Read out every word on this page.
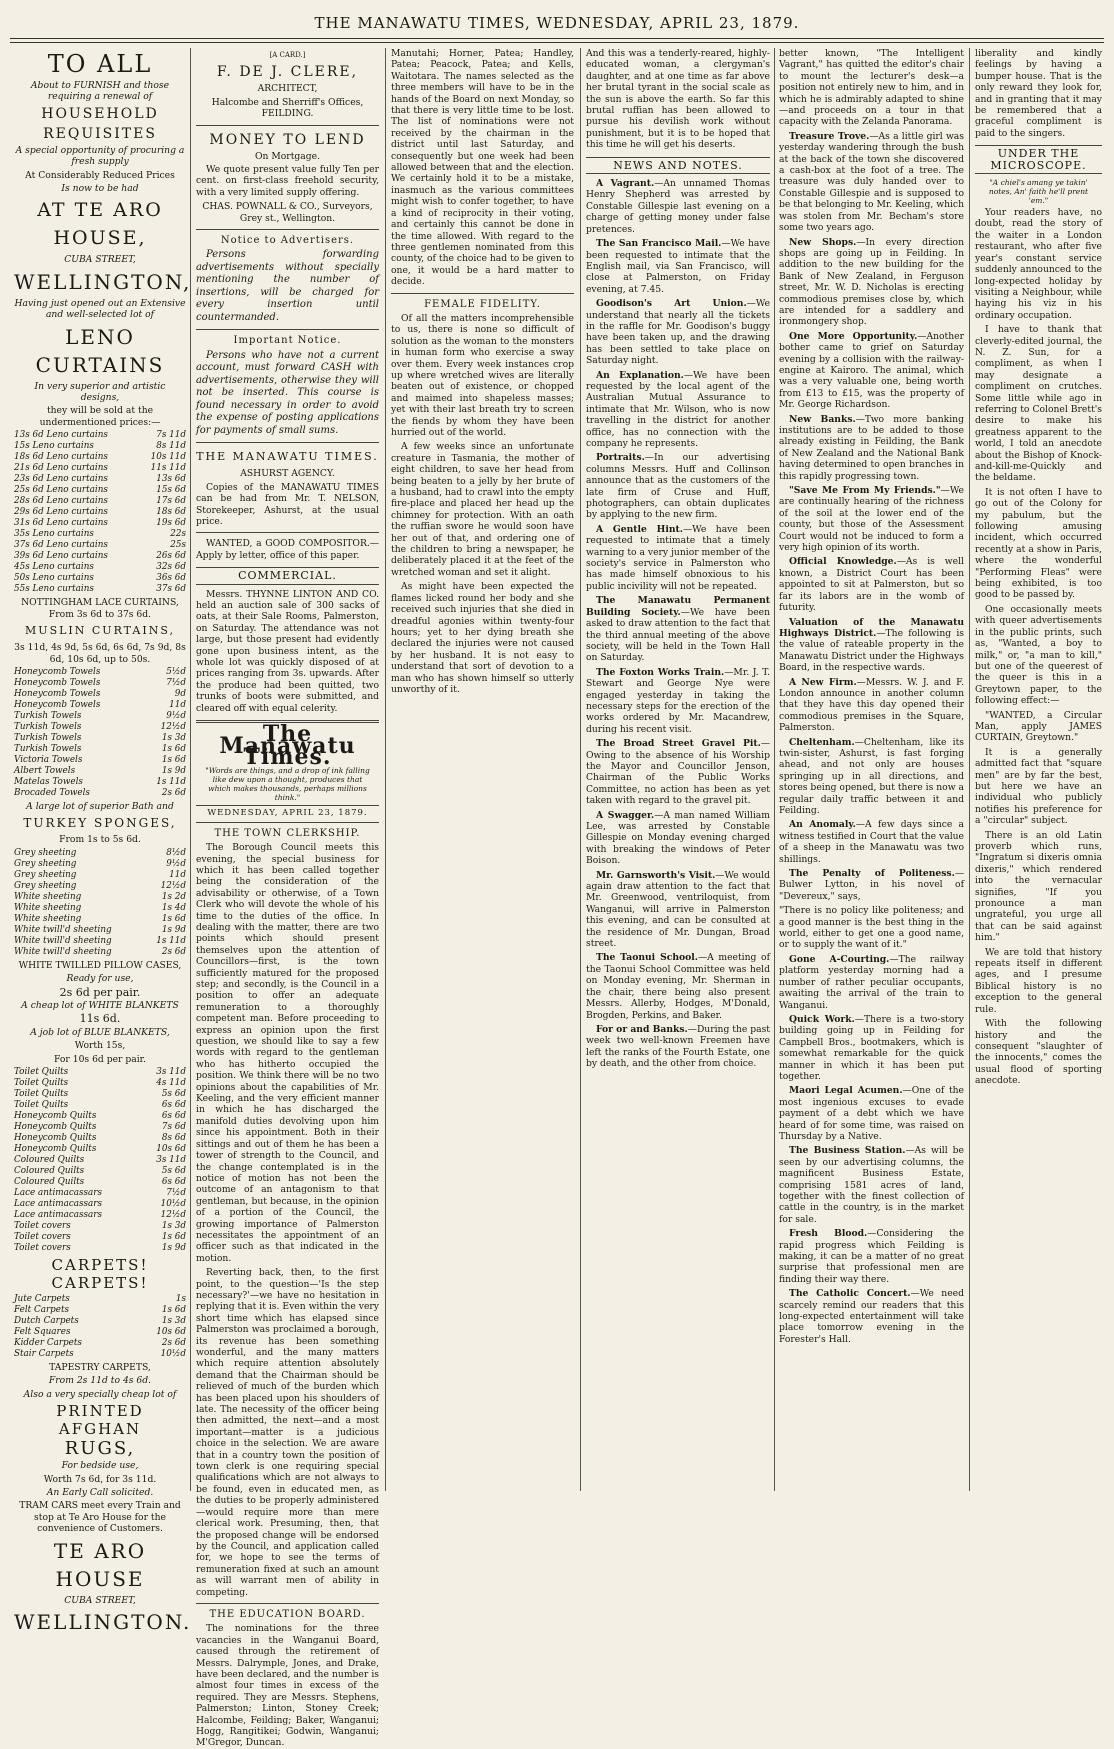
THE MANAWATU TIMES, WEDNESDAY, APRIL 23, 1879.
TO ALL
About to FURNISH and those requiring a renewal of
HOUSEHOLD
REQUISITES
A special opportunity of procuring a fresh supply
At Considerably Reduced Prices
Is now to be had
AT TE ARO HOUSE,
CUBA STREET,
WELLINGTON,
Having just opened out an Extensive and well-selected lot of
LENO CURTAINS
In very superior and artistic designs,
they will be sold at the undermentioned prices:—
13s 6d Leno curtains	7s 11d
15s Leno curtains	8s 11d
18s 6d Leno curtains	10s 11d
21s 6d Leno curtains	11s 11d
23s 6d Leno curtains	13s 6d
25s 6d Leno curtains	15s 6d
28s 6d Leno curtains	17s 6d
29s 6d Leno curtains	18s 6d
31s 6d Leno curtains	19s 6d
35s Leno curtains	22s
37s 6d Leno curtains	25s
39s 6d Leno curtains	26s 6d
45s Leno curtains	32s 6d
50s Leno curtains	36s 6d
55s Leno curtains	37s 6d
NOTTINGHAM LACE CURTAINS, From 3s 6d to 37s 6d.
MUSLIN CURTAINS,
3s 11d, 4s 9d, 5s 6d, 6s 6d, 7s 9d, 8s 6d, 10s 6d, up to 50s.
Honeycomb Towels	5½d
Honeycomb Towels	7½d
Honeycomb Towels	9d
Honeycomb Towels	11d
Turkish Towels	9½d
Turkish Towels	12½d
Turkish Towels	1s 3d
Turkish Towels	1s 6d
Victoria Towels	1s 6d
Albert Towels	1s 9d
Matelas Towels	1s 11d
Brocaded Towels	2s 6d
A large lot of superior Bath and
TURKEY SPONGES,
From 1s to 5s 6d.
Grey sheeting	8½d
Grey sheeting	9½d
Grey sheeting	11d
Grey sheeting	12½d
White sheeting	1s 2d
White sheeting	1s 4d
White sheeting	1s 6d
White twill'd sheeting	1s 9d
White twill'd sheeting	1s 11d
White twill'd sheeting	2s 6d
WHITE TWILLED PILLOW CASES,
Ready for use,
2s 6d per pair.
A cheap lot of WHITE BLANKETS
11s 6d.
A job lot of BLUE BLANKETS,
Worth 15s,
For 10s 6d per pair.
Toilet Quilts	3s 11d
Toilet Quilts	4s 11d
Toilet Quilts	5s 6d
Toilet Quilts	6s 6d
Honeycomb Quilts	6s 6d
Honeycomb Quilts	7s 6d
Honeycomb Quilts	8s 6d
Honeycomb Quilts	10s 6d
Coloured Quilts	3s 11d
Coloured Quilts	5s 6d
Coloured Quilts	6s 6d
Lace antimacassars	7½d
Lace antimacassars	10½d
Lace antimacassars	12½d
Toilet covers	1s 3d
Toilet covers	1s 6d
Toilet covers	1s 9d
CARPETS! CARPETS!
Jute Carpets	1s
Felt Carpets	1s 6d
Dutch Carpets	1s 3d
Felt Squares	10s 6d
Kidder Carpets	2s 6d
Stair Carpets	10½d
TAPESTRY CARPETS,
From 2s 11d to 4s 6d.
Also a very specially cheap lot of
PRINTED AFGHAN
RUGS,
For bedside use,
Worth 7s 6d, for 3s 11d.
An Early Call solicited.
TRAM CARS meet every Train and stop at Te Aro House for the convenience of Customers.
TE ARO HOUSE
CUBA STREET,
WELLINGTON.
[A CARD.]
F. DE J. CLERE,
ARCHITECT,
Halcombe and Sherriff's Offices, FEILDING.
MONEY TO LEND
On Mortgage.

We quote present value fully Ten per cent. on first-class freehold security, with a very limited supply offering.

CHAS. POWNALL & CO., Surveyors, Grey st., Wellington.
Notice to Advertisers.

Persons forwarding advertisements without specially mentioning the number of insertions, will be charged for every insertion until countermanded.

Important Notice.

Persons who have not a current account, must forward CASH with advertisements, otherwise they will not be inserted. This course is found necessary in order to avoid the expense of posting applications for payments of small sums.

THE MANAWATU TIMES.
ASHURST AGENCY.

Copies of the MANAWATU TIMES can be had from Mr. T. NELSON, Storekeeper, Ashurst, at the usual price.

WANTED, a GOOD COMPOSITOR.—Apply by letter, office of this paper.

COMMERCIAL.

Messrs. THYNNE LINTON AND CO. held an auction sale of 300 sacks of oats, at their Sale Rooms, Palmerston, on Saturday. The attendance was not large, but those present had evidently gone upon business intent, as the whole lot was quickly disposed of at prices ranging from 3s. upwards. After the produce had been quitted, two trunks of boots were submitted, and cleared off with equal celerity.

The Manawatu Times.
"Words are things, and a drop of ink falling like dew upon a thought, produces that which makes thousands, perhaps millions think."
WEDNESDAY, APRIL 23, 1879.
THE TOWN CLERKSHIP.

The Borough Council meets this evening, the special business for which it has been called together being the consideration of the advisability or otherwise, of a Town Clerk who will devote the whole of his time to the duties of the office. In dealing with the matter, there are two points which should present themselves upon the attention of Councillors—first, is the town sufficiently matured for the proposed step; and secondly, is the Council in a position to offer an adequate remuneration to a thoroughly competent man. Before proceeding to express an opinion upon the first question, we should like to say a few words with regard to the gentleman who has hitherto occupied the position. We think there will be no two opinions about the capabilities of Mr. Keeling, and the very efficient manner in which he has discharged the manifold duties devolving upon him since his appointment. Both in their sittings and out of them he has been a tower of strength to the Council, and the change contemplated is in the notice of motion has not been the outcome of an antagonism to that gentleman, but because, in the opinion of a portion of the Council, the growing importance of Palmerston necessitates the appointment of an officer such as that indicated in the motion.

Reverting back, then, to the first point, to the question—'Is the step necessary?'—we have no hesitation in replying that it is. Even within the very short time which has elapsed since Palmerston was proclaimed a borough, its revenue has been something wonderful, and the many matters which require attention absolutely demand that the Chairman should be relieved of much of the burden which has been placed upon his shoulders of late. The necessity of the officer being then admitted, the next—and a most important—matter is a judicious choice in the selection. We are aware that in a country town the position of town clerk is one requiring special qualifications which are not always to be found, even in educated men, as the duties to be properly administered—would require more than mere clerical work. Presuming, then, that the proposed change will be endorsed by the Council, and application called for, we hope to see the terms of remuneration fixed at such an amount as will warrant men of ability in competing.

THE EDUCATION BOARD.

The nominations for the three vacancies in the Wanganui Board, caused through the retirement of Messrs. Dalrymple, Jones, and Drake, have been declared, and the number is almost four times in excess of the required. They are Messrs. Stephens, Palmerston; Linton, Stoney Creek; Halcombe, Feilding; Baker, Wanganui; Hogg, Rangitikei; Godwin, Wanganui; M'Gregor, Duncan.

Manutahi; Horner, Patea; Handley, Patea; Peacock, Patea; and Kells, Waitotara. The names selected as the three members will have to be in the hands of the Board on next Monday, so that there is very little time to be lost. The list of nominations were not received by the chairman in the district until last Saturday, and consequently but one week had been allowed between that and the election. We certainly hold it to be a mistake, inasmuch as the various committees might wish to confer together, to have a kind of reciprocity in their voting, and certainly this cannot be done in the time allowed. With regard to the three gentlemen nominated from this county, of the choice had to be given to one, it would be a hard matter to decide.

FEMALE FIDELITY.

Of all the matters incomprehensible to us, there is none so difficult of solution as the woman to the monsters in human form who exercise a sway over them. Every week instances crop up where wretched wives are literally beaten out of existence, or chopped and maimed into shapeless masses; yet with their last breath try to screen the fiends by whom they have been hurried out of the world.

A few weeks since an unfortunate creature in Tasmania, the mother of eight children, to save her head from being beaten to a jelly by her brute of a husband, had to crawl into the empty fire-place and placed her head up the chimney for protection. With an oath the ruffian swore he would soon have her out of that, and ordering one of the children to bring a newspaper, he deliberately placed it at the feet of the wretched woman and set it alight.

As might have been expected the flames licked round her body and she received such injuries that she died in dreadful agonies within twenty-four hours; yet to her dying breath she declared the injuries were not caused by her husband. It is not easy to understand that sort of devotion to a man who has shown himself so utterly unworthy of it.

And this was a tenderly-reared, highly-educated woman, a clergyman's daughter, and at one time as far above her brutal tyrant in the social scale as the sun is above the earth. So far this brutal ruffian has been allowed to pursue his devilish work without punishment, but it is to be hoped that this time he will get his deserts.

NEWS AND NOTES.

A Vagrant.—An unnamed Thomas Henry Shepherd was arrested by Constable Gillespie last evening on a charge of getting money under false pretences.

The San Francisco Mail.—We have been requested to intimate that the English mail, via San Francisco, will close at Palmerston, on Friday evening, at 7.45.

Goodison's Art Union.—We understand that nearly all the tickets in the raffle for Mr. Goodison's buggy have been taken up, and the drawing has been settled to take place on Saturday night.

An Explanation.—We have been requested by the local agent of the Australian Mutual Assurance to intimate that Mr. Wilson, who is now travelling in the district for another office, has no connection with the company he represents.

Portraits.—In our advertising columns Messrs. Huff and Collinson announce that as the customers of the late firm of Cruse and Huff, photographers, can obtain duplicates by applying to the new firm.

A Gentle Hint.—We have been requested to intimate that a timely warning to a very junior member of the society's service in Palmerston who has made himself obnoxious to his public incivility will not be repeated.

The Manawatu Permanent Building Society.—We have been asked to draw attention to the fact that the third annual meeting of the above society, will be held in the Town Hall on Saturday.

The Foxton Works Train.—Mr. J. T. Stewart and George Nye were engaged yesterday in taking the necessary steps for the erection of the works ordered by Mr. Macandrew, during his recent visit.

The Broad Street Gravel Pit.—Owing to the absence of his Worship the Mayor and Councillor Jenson, Chairman of the Public Works Committee, no action has been as yet taken with regard to the gravel pit.

A Swagger.—A man named William Lee, was arrested by Constable Gillespie on Monday evening charged with breaking the windows of Peter Boison.

Mr. Garnsworth's Visit.—We would again draw attention to the fact that Mr. Greenwood, ventriloquist, from Wanganui, will arrive in Palmerston this evening, and can be consulted at the residence of Mr. Dungan, Broad street.

The Taonui School.—A meeting of the Taonui School Committee was held on Monday evening, Mr. Sherman in the chair, there being also present Messrs. Allerby, Hodges, M'Donald, Brogden, Perkins, and Baker.

For or and Banks.—During the past week two well-known Freemen have left the ranks of the Fourth Estate, one by death, and the other from choice.

better known, "The Intelligent Vagrant," has quitted the editor's chair to mount the lecturer's desk—a position not entirely new to him, and in which he is admirably adapted to shine—and proceeds on a tour in that capacity with the Zelanda Panorama.

Treasure Trove.—As a little girl was yesterday wandering through the bush at the back of the town she discovered a cash-box at the foot of a tree. The treasure was duly handed over to Constable Gillespie and is supposed to be that belonging to Mr. Keeling, which was stolen from Mr. Becham's store some two years ago.

New Shops.—In every direction shops are going up in Feilding. In addition to the new building for the Bank of New Zealand, in Ferguson street, Mr. W. D. Nicholas is erecting commodious premises close by, which are intended for a saddlery and ironmongery shop.

One More Opportunity.—Another bother came to grief on Saturday evening by a collision with the railway-engine at Kairoro. The animal, which was a very valuable one, being worth from £13 to £15, was the property of Mr. George Richardson.

New Banks.—Two more banking institutions are to be added to those already existing in Feilding, the Bank of New Zealand and the National Bank having determined to open branches in this rapidly progressing town.

"Save Me From My Friends."—We are continually hearing of the richness of the soil at the lower end of the county, but those of the Assessment Court would not be induced to form a very high opinion of its worth.

Official Knowledge.—As is well known, a District Court has been appointed to sit at Palmerston, but so far its labors are in the womb of futurity.

Valuation of the Manawatu Highways District.—The following is the value of rateable property in the Manawatu District under the Highways Board, in the respective wards.

A New Firm.—Messrs. W. J. and F. London announce in another column that they have this day opened their commodious premises in the Square, Palmerston.

Cheltenham.—Cheltenham, like its twin-sister, Ashurst, is fast forging ahead, and not only are houses springing up in all directions, and stores being opened, but there is now a regular daily traffic between it and Feilding.

An Anomaly.—A few days since a witness testified in Court that the value of a sheep in the Manawatu was two shillings.

The Penalty of Politeness.—Bulwer Lytton, in his novel of "Devereux," says,

"There is no policy like politeness; and a good manner is the best thing in the world, either to get one a good name, or to supply the want of it."

Gone A-Courting.—The railway platform yesterday morning had a number of rather peculiar occupants, awaiting the arrival of the train to Wanganui.

Quick Work.—There is a two-story building going up in Feilding for Campbell Bros., bootmakers, which is somewhat remarkable for the quick manner in which it has been put together.

Maori Legal Acumen.—One of the most ingenious excuses to evade payment of a debt which we have heard of for some time, was raised on Thursday by a Native.

The Business Station.—As will be seen by our advertising columns, the magnificent Business Estate, comprising 1581 acres of land, together with the finest collection of cattle in the country, is in the market for sale.

Fresh Blood.—Considering the rapid progress which Feilding is making, it can be a matter of no great surprise that professional men are finding their way there.

The Catholic Concert.—We need scarcely remind our readers that this long-expected entertainment will take place tomorrow evening in the Forester's Hall.

liberality and kindly feelings by having a bumper house. That is the only reward they look for, and in granting that it may be remembered that a graceful compliment is paid to the singers.

UNDER THE MICROSCOPE.
"A chiel's amang ye takin' notes, An' faith he'll prent 'em."

Your readers have, no doubt, read the story of the waiter in a London restaurant, who after five year's constant service suddenly announced to the long-expected holiday by visiting a Neighbour, while haying his viz in his ordinary occupation.

I have to thank that cleverly-edited journal, the N. Z. Sun, for a compliment, as when I may designate a compliment on crutches. Some little while ago in referring to Colonel Brett's desire to make his greatness apparent to the world, I told an anecdote about the Bishop of Knock-and-kill-me-Quickly and the beldame.

It is not often I have to go out of the Colony for my pabulum, but the following amusing incident, which occurred recently at a show in Paris, where the wonderful "Performing Fleas" were being exhibited, is too good to be passed by.

One occasionally meets with queer advertisements in the public prints, such as, "Wanted, a boy to milk," or, "a man to kill," but one of the queerest of the queer is this in a Greytown paper, to the following effect:—

"WANTED, a Circular Man, apply JAMES CURTAIN, Greytown."

It is a generally admitted fact that "square men" are by far the best, but here we have an individual who publicly notifies his preference for a "circular" subject.

There is an old Latin proverb which runs, "Ingratum si dixeris omnia dixeris," which rendered into the vernacular signifies, "If you pronounce a man ungrateful, you urge all that can be said against him."

We are told that history repeats itself in different ages, and I presume Biblical history is no exception to the general rule.

With the following history and the consequent "slaughter of the innocents," comes the usual flood of sporting anecdote.
